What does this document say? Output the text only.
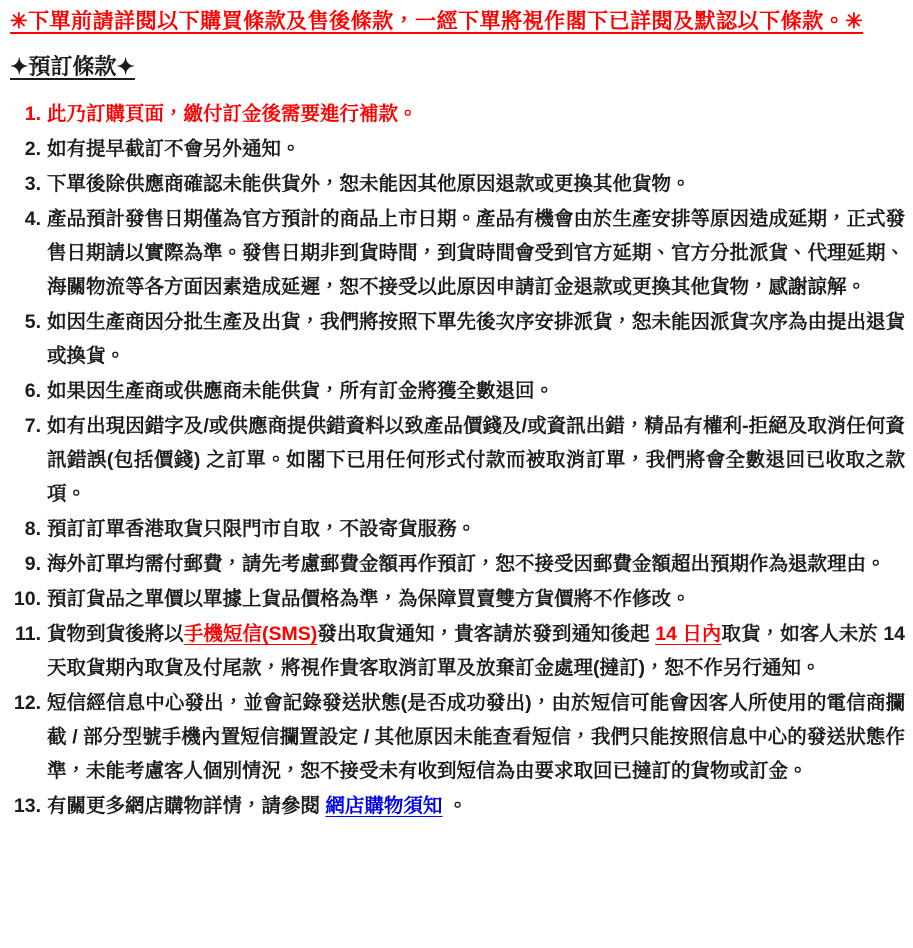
✳︎下單前請詳閱以下購買條款及售後條款，一經下單將視作閣下已詳閱及默認以下條款。✳︎
✦預訂條款✦
1. 此乃訂購頁面，繳付訂金後需要進行補款。
2. 如有提早截訂不會另外通知。
3. 下單後除供應商確認未能供貨外，恕未能因其他原因退款或更換其他貨物。
4. 產品預計發售日期僅為官方預計的商品上市日期。產品有機會由於生產安排等原因造成延期，正式發售日期請以實際為準。發售日期非到貨時間，到貨時間會受到官方延期、官方分批派貨、代理延期、海關物流等各方面因素造成延遲，恕不接受以此原因申請訂金退款或更換其他貨物，感謝諒解。
5. 如因生產商因分批生產及出貨，我們將按照下單先後次序安排派貨，恕未能因派貨次序為由提出退貨或換貨。
6. 如果因生產商或供應商未能供貨，所有訂金將獲全數退回。
7. 如有出現因錯字及/或供應商提供錯資料以致產品價錢及/或資訊出錯，精品有權利-拒絕及取消任何資訊錯誤(包括價錢) 之訂單。如閣下已用任何形式付款而被取消訂單，我們將會全數退回已收取之款項。
8. 預訂訂單香港取貨只限門市自取，不設寄貨服務。
9. 海外訂單均需付郵費，請先考慮郵費金額再作預訂，恕不接受因郵費金額超出預期作為退款理由。
10. 預訂貨品之單價以單據上貨品價格為準，為保障買賣雙方貨價將不作修改。
11. 貨物到貨後將以手機短信(SMS)發出取貨通知，貴客請於發到通知後起 14 日內取貨，如客人未於 14 天取貨期內取貨及付尾款，將視作貴客取消訂單及放棄訂金處理(撻訂)，恕不作另行通知。
12. 短信經信息中心發出，並會記錄發送狀態(是否成功發出)，由於短信可能會因客人所使用的電信商攔截 / 部分型號手機內置短信攔置設定 / 其他原因未能查看短信，我們只能按照信息中心的發送狀態作準，未能考慮客人個別情況，恕不接受未有收到短信為由要求取回已撻訂的貨物或訂金。
13. 有關更多網店購物詳情，請參閱 網店購物須知 。
